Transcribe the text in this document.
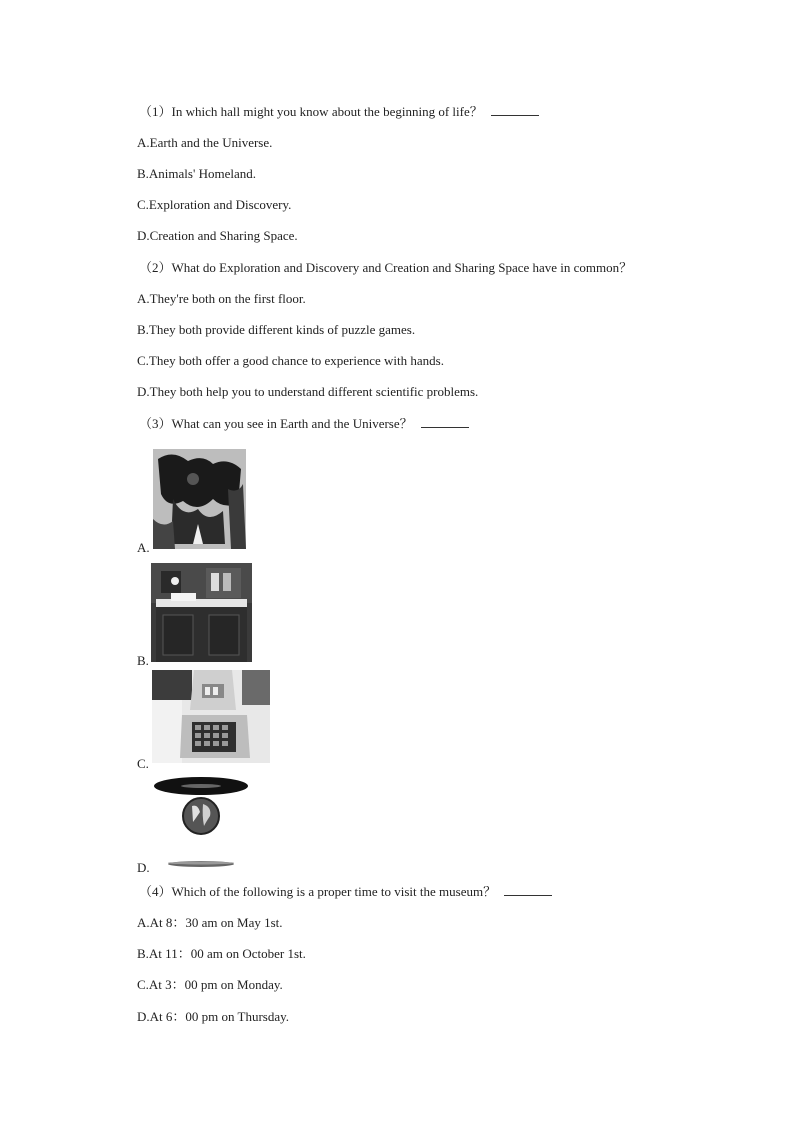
（1）In which hall might you know about the beginning of life？
A.Earth and the Universe.
B.Animals' Homeland.
C.Exploration and Discovery.
D.Creation and Sharing Space.
（2）What do Exploration and Discovery and Creation and Sharing Space have in common？
A.They're both on the first floor.
B.They both provide different kinds of puzzle games.
C.They both offer a good chance to experience with hands.
D.They both help you to understand different scientific problems.
（3）What can you see in Earth and the Universe？
A.
B.
C.
D.
（4）Which of the following is a proper time to visit the museum？
A.At 8：30 am on May 1st.
B.At 11：00 am on October 1st.
C.At 3：00 pm on Monday.
D.At 6：00 pm on Thursday.
